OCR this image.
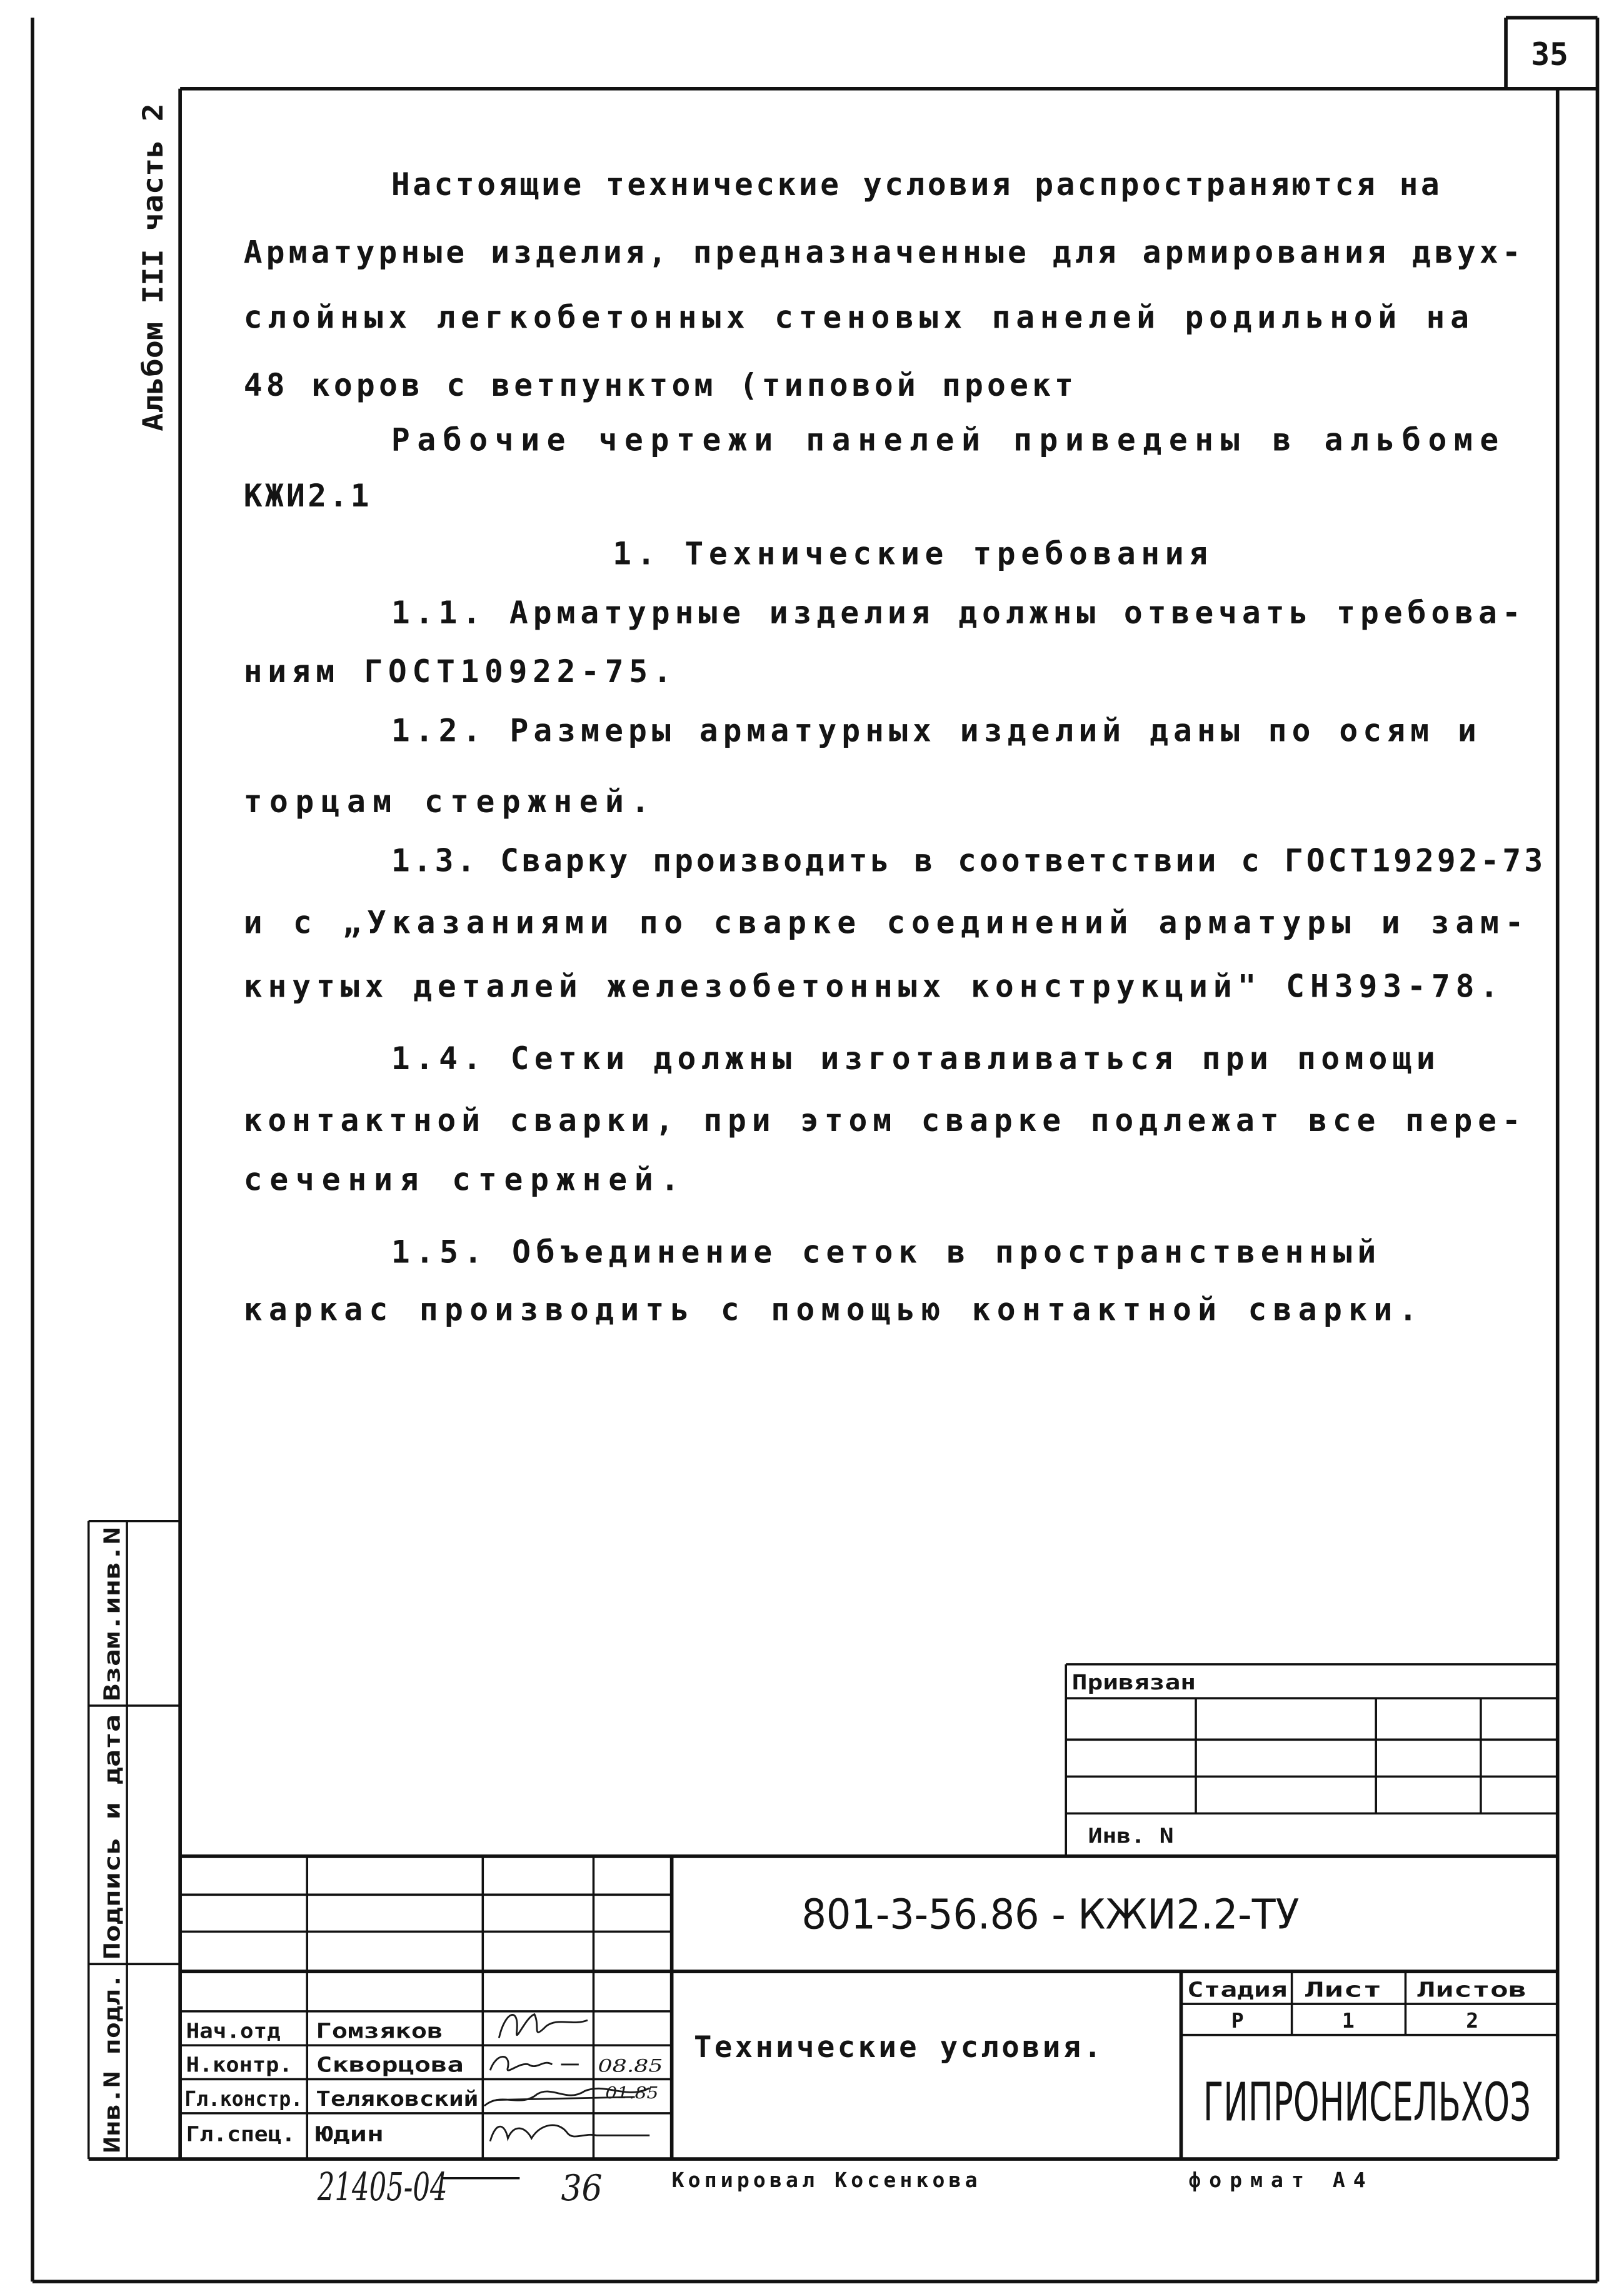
35
Альбом III часть 2
Взам.инв.N
Подпись и дата
Инв.N подл.
Настоящие технические условия распространяются на
Арматурные изделия, предназначенные для армирования двух-
слойных легкобетонных стеновых панелей родильной на
48 коров с ветпунктом (типовой проект
Рабочие чертежи панелей приведены в альбоме
КЖИ2.1
1. Технические требования
1.1. Арматурные изделия должны отвечать требова-
ниям ГОСТ10922-75.
1.2. Размеры арматурных изделий даны по осям и
торцам стержней.
1.3. Сварку производить в соответствии с ГОСТ19292-73
и с „Указаниями по сварке соединений арматуры и зам-
кнутых деталей железобетонных конструкций" СН393-78.
1.4. Сетки должны изготавливаться при помощи
контактной сварки, при этом сварке подлежат все пере-
сечения стержней.
1.5. Объединение сеток в пространственный
каркас производить с помощью контактной сварки.
Привязан
Инв. N
801-3-56.86 - КЖИ2.2-ТУ
Технические условия.
Стадия Лист	Листов
Р	1	2
ГИПРОНИСЕЛЬХОЗ
Нач.отд	Гомзяков
Н.контр.	Скворцова	08.85
Гл.констр. Теляковский	01.85
Гл.спец. Юдин
21405-04	36	Копировал Косенкова	формат А4
